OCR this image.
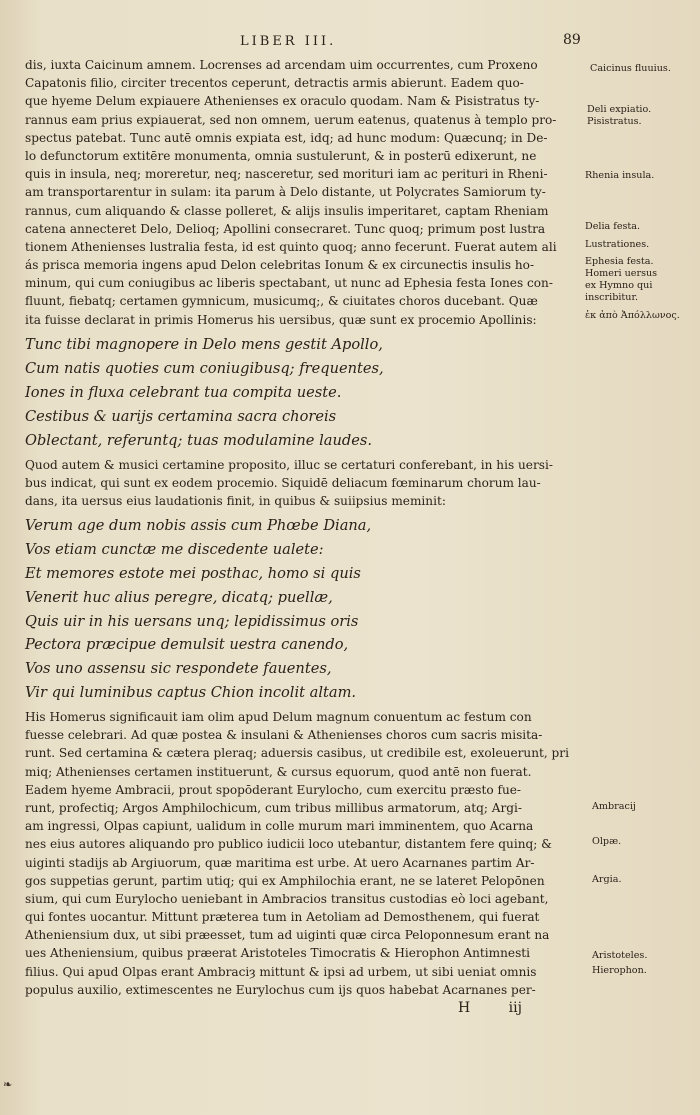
LIBER III.	89
dis, iuxta Caicinum amnem. Locrenses ad arcendam uim occurrentes, cum Proxeno
Capatonis filio, circiter trecentos ceperunt, detractis armis abierunt. Eadem quo-
que hyeme Delum expiauere Athenienses ex oraculo quodam. Nam & Pisistratus ty-
rannus eam prius expiauerat, sed non omnem, uerum eatenus, quatenus à templo pro-
spectus patebat. Tunc autē omnis expiata est, idq; ad hunc modum: Quæcunq; in De-
lo defunctorum extitēre monumenta, omnia sustulerunt, & in posterū edixerunt, ne
quis in insula, neq; moreretur, neq; nasceretur, sed morituri iam ac perituri in Rheni-
am transportarentur in sulam: ita parum à Delo distante, ut Polycrates Samiorum ty-
rannus, cum aliquando & classe polleret, & alijs insulis imperitaret, captam Rheniam
catena annecteret Delo, Delioq; Apollini consecraret. Tunc quoq; primum post lustra
tionem Athenienses lustralia festa, id est quinto quoq; anno fecerunt. Fuerat autem ali
ás prisca memoria ingens apud Delon celebritas Ionum & ex circunectis insulis ho-
minum, qui cum coniugibus ac liberis spectabant, ut nunc ad Ephesia festa Iones con-
fluunt, fiebatq; certamen gymnicum, musicumq;, & ciuitates choros ducebant. Quæ
ita fuisse declarat in primis Homerus his uersibus, quæ sunt ex procemio Apollinis:
Tunc tibi magnopere in Delo mens gestit Apollo,
Cum natis quoties cum coniugibusq; frequentes,
Iones in fluxa celebrant tua compita ueste.
Cestibus & uarijs certamina sacra choreis
Oblectant, referuntq; tuas modulamine laudes.
Quod autem & musici certamine proposito, illuc se certaturi conferebant, in his uersi-
bus indicat, qui sunt ex eodem procemio. Siquidē deliacum fœminarum chorum lau-
dans, ita uersus eius laudationis finit, in quibus & suiipsius meminit:
Verum age dum nobis assis cum Phœbe Diana,
Vos etiam cunctæ me discedente ualete:
Et memores estote mei posthac, homo si quis
Venerit huc alius peregre, dicatq; puellæ,
Quis uir in his uersans unq; lepidissimus oris
Pectora præcipue demulsit uestra canendo,
Vos uno assensu sic respondete fauentes,
Vir qui luminibus captus Chion incolit altam.
His Homerus significauit iam olim apud Delum magnum conuentum ac festum con
fuesse celebrari. Ad quæ postea & insulani & Athenienses choros cum sacris misita-
runt. Sed certamina & cætera pleraq; aduersis casibus, ut credibile est, exoleuerunt, pri
miq; Athenienses certamen instituerunt, & cursus equorum, quod antē non fuerat.
Eadem hyeme Ambracii, prout spopōderant Eurylocho, cum exercitu præsto fue-
runt, profectiq; Argos Amphilochicum, cum tribus millibus armatorum, atq; Argi-
am ingressi, Olpas capiunt, ualidum in colle murum mari imminentem, quo Acarna
nes eius autores aliquando pro publico iudicii loco utebantur, distantem fere quinq; &
uiginti stadijs ab Argiuorum, quæ maritima est urbe. At uero Acarnanes partim Ar-
gos suppetias gerunt, partim utiq; qui ex Amphilochia erant, ne se lateret Pelopōnen
sium, qui cum Eurylocho ueniebant in Ambracios transitus custodias eò loci agebant,
qui fontes uocantur. Mittunt præterea tum in Aetoliam ad Demosthenem, qui fuerat
Atheniensium dux, ut sibi præesset, tum ad uiginti quæ circa Peloponnesum erant na
ues Atheniensium, quibus præerat Aristoteles Timocratis & Hierophon Antimnesti
filius. Qui apud Olpas erant Ambraciȝ mittunt & ipsi ad urbem, ut sibi ueniat omnis
populus auxilio, extimescentes ne Eurylochus cum ijs quos habebat Acarnanes per-
Caicinus fluuius.
Deli expiatio.
Pisistratus.
Rhenia insula.
Delia festa.
Lustrationes.
Ephesia festa.
Homeri uersus
ex Hymno qui
inscribitur.
ἐκ ἀπὸ Ἀπόλλωνος.
Ambracij
Olpæ.
Argia.
Aristoteles.
Hierophon.
H	iij
❧
